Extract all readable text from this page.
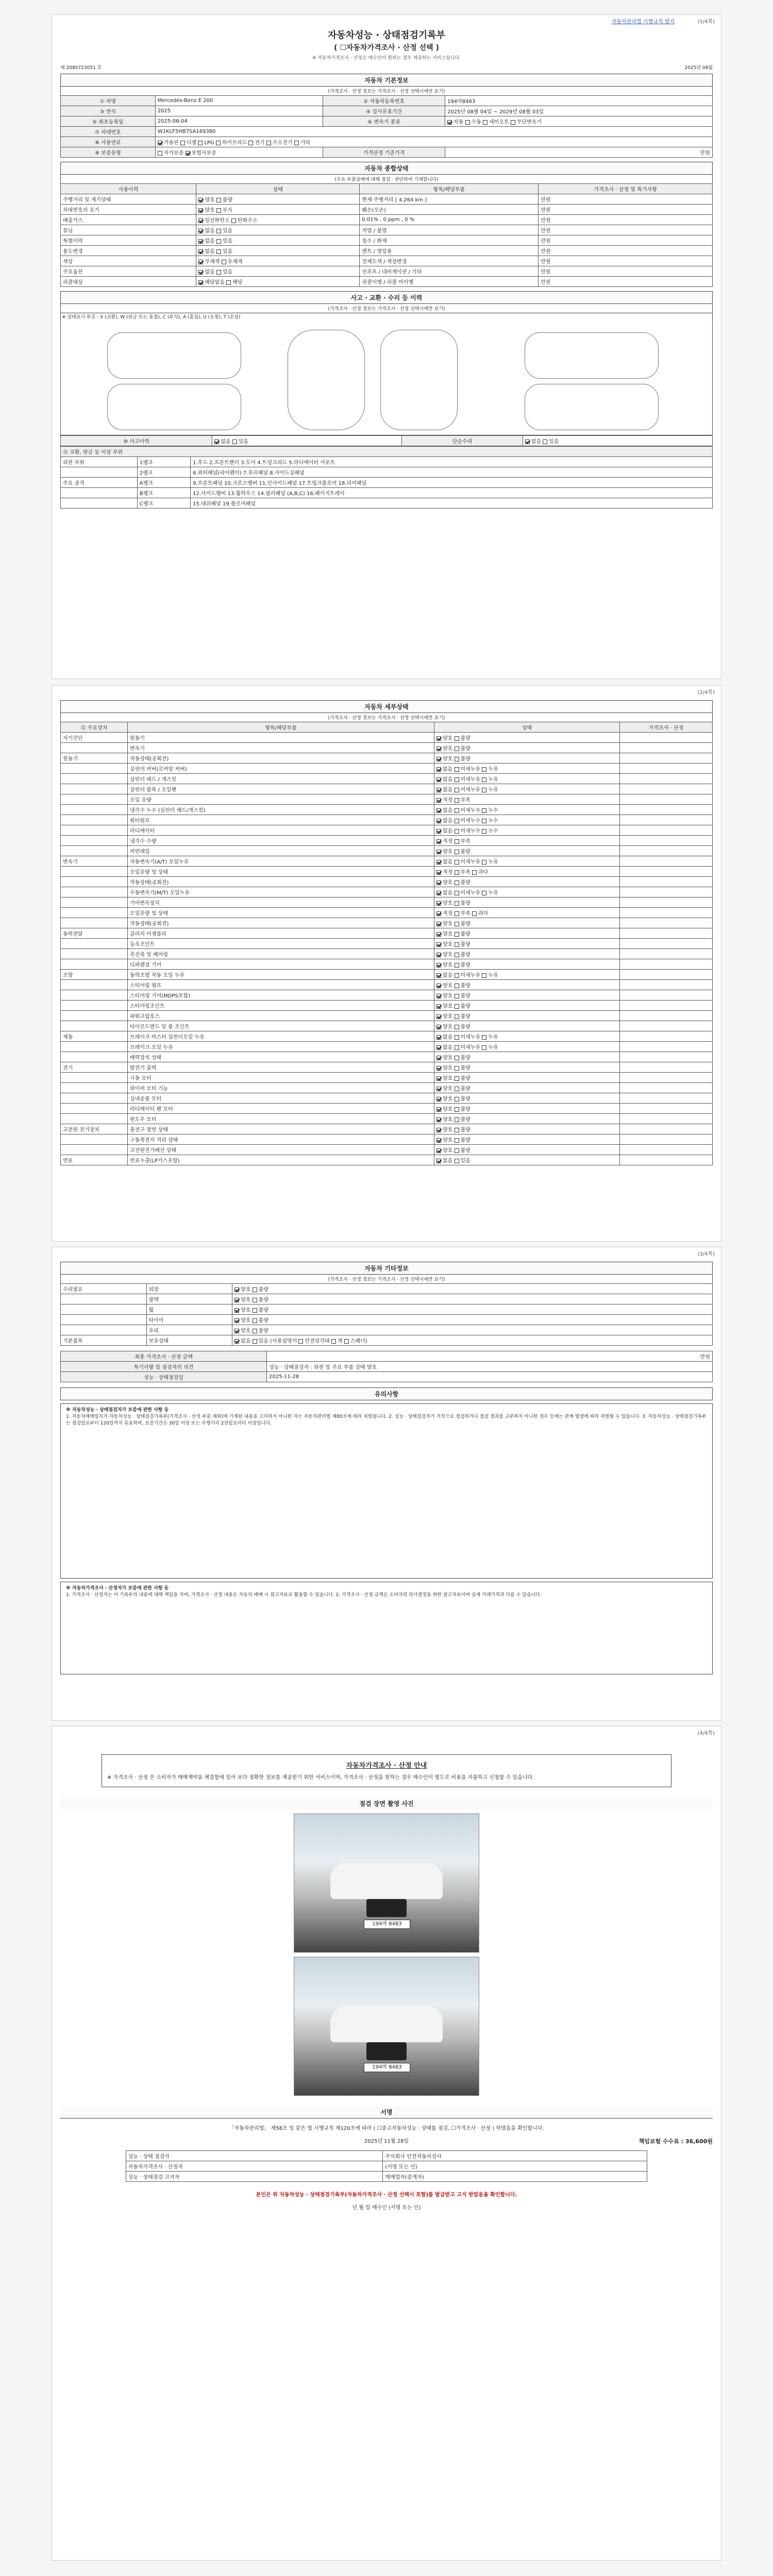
자동차관리법 시행규칙 별지	(1/4쪽)
자동차성능 · 상태점검기록부
( ☐자동차가격조사 · 산정 선택 )
※ 자동차가격조사 · 산정은 매수인이 원하는 경우 제공하는 서비스입니다.
제 2080723051 호	2025년 08월
자동차 기본정보
(가격조사 · 산정 정보는 가격조사 · 산정 선택시에만 표기)
① 차명	Mercedes-Benz E 200	② 자동차등록번호	194마8483
③ 연식	2025	④ 검사유효기간	2025년 08월 04일 ~ 2029년 08월 03일
⑤ 최초등록일	2025-06-04	⑥ 변속기 종류	자동 수동 세미오토 무단변속기
⑦ 차대번호	W1KLF5HB7SA169380		
⑧ 사용연료	가솔린 디젤 LPG 하이브리드 전기 수소전기 기타		
⑨ 보증유형	자가보증 보험사보증	가격산정 기준가격	만원
자동차 종합상태
(주요 부품상태에 대해 점검 · 판단하여 기재합니다)
사용이력	상태	항목/해당부품	가격조사 · 산정 및 특기사항
주행거리 및 계기상태	양호 불량	현재 주행거리 [ 4,264 km ]	만원
차대번호의 표기	양호 부식	훼손(오손)	만원
배출가스	일산화탄소 탄화수소	0.01% , 0 ppm , 0 %	만원
튜닝	없음 있음	적법 / 불법	만원
특별이력	없음 있음	침수 / 화재	만원
용도변경	없음 있음	렌트 / 영업용	만원
색상	무채색 유채색	전체도색 / 색상변경	만원
주요옵션	없음 있음	선루프 / 네비게이션 / 기타	만원
리콜대상	해당없음 해당	리콜이행 / 리콜 미이행	만원
사고 · 교환 · 수리 등 이력
(가격조사 · 산정 정보는 가격조사 · 산정 선택시에만 표기)
※ 상태표시 부호 : X (교환), W (판금 또는 용접), C (부식), A (흠집), U (요철), T (손상)
⑩ 사고이력	없음 있음	단순수리	없음 있음
⑪ 교환, 판금 등 이상 부위		
외판 부위	1랭크	1.후드 2.프론트펜더 3.도어 4.트렁크리드 5.라디에이터 서포트
	2랭크	6.쿼터패널(리어펜더) 7.루프패널 8.사이드실패널
주요 골격	A랭크	9.프론트패널 10.크로스멤버 11.인사이드패널 17.트렁크플로어 18.리어패널
	B랭크	12.사이드멤버 13.휠하우스 14.필러패널 (A,B,C) 16.패키지트레이
	C랭크	15.대쉬패널 19.플로어패널
(2/4쪽)
자동차 세부상태
(가격조사 · 산정 정보는 가격조사 · 산정 선택시에만 표기)
⑫ 주요장치	항목/해당부품	상태	가격조사 · 산정
자기진단	원동기	양호 불량	
	변속기	양호 불량	
원동기	작동상태(공회전)	양호 불량	
	실린더 커버(로커암 커버)	없음 미세누유 누유	
	실린더 헤드 / 개스킷	없음 미세누유 누유	
	실린더 블록 / 오일팬	없음 미세누유 누유	
	오일 유량	적정 부족	
	냉각수 누수 (실린더 헤드/개스킷)	없음 미세누수 누수	
	워터펌프	없음 미세누수 누수	
	라디에이터	없음 미세누수 누수	
	냉각수 수량	적정 부족	
	커먼레일	양호 불량	
변속기	자동변속기(A/T) 오일누유	없음 미세누유 누유	
	오일유량 및 상태	적정 부족 과다	
	작동상태(공회전)	양호 불량	
	수동변속기(M/T) 오일누유	없음 미세누유 누유	
	기어변속장치	양호 불량	
	오일유량 및 상태	적정 부족 과다	
	작동상태(공회전)	양호 불량	
동력전달	클러치 어셈블리	양호 불량	
	등속조인트	양호 불량	
	추진축 및 베어링	양호 불량	
	디퍼렌셜 기어	양호 불량	
조향	동력조향 작동 오일 누유	없음 미세누유 누유	
	스티어링 펌프	양호 불량	
	스티어링 기어(MDPS포함)	양호 불량	
	스티어링조인트	양호 불량	
	파워고압호스	양호 불량	
	타이로드엔드 및 볼 조인트	양호 불량	
제동	브레이크 마스터 실린더오일 누유	없음 미세누유 누유	
	브레이크 오일 누유	없음 미세누유 누유	
	배력장치 상태	양호 불량	
전기	발전기 출력	양호 불량	
	시동 모터	양호 불량	
	와이퍼 모터 기능	양호 불량	
	실내송풍 모터	양호 불량	
	라디에이터 팬 모터	양호 불량	
	윈도우 모터	양호 불량	
고전원 전기장치	충전구 절연 상태	양호 불량	
	구동축전지 격리 상태	양호 불량	
	고전원전기배선 상태	양호 불량	
연료	연료누출(LP가스포함)	없음 있음	
(3/4쪽)
자동차 기타정보
(가격조사 · 산정 정보는 가격조사 · 산정 선택시에만 표기)
수리필요	외장	양호 불량
	광택	양호 불량
	휠	양호 불량
	타이어	양호 불량
	유리	양호 불량
기본품목	보유상태	없음 있음 (사용설명서 안전삼각대 잭 스패너)
최종 가격조사 · 산정 금액	만원
특기사항 및 점검자의 의견	성능 · 상태점검자 : 외관 및 주요 부품 상태 양호
성능 · 상태점검일	2025-11-28
유의사항
※ 자동차성능 · 상태점검자가 보증에 관한 사항 등
1. 자동차매매업자가 자동차성능 · 상태점검기록부(가격조사 · 산정 부분 제외)에 기재된 내용을 고지하지 아니한 자는 자동차관리법 제80조에 따라 처벌됩니다. 2. 성능 · 상태점검자가 거짓으로 점검하거나 점검 결과를 교부하지 아니한 경우 등에는 관계 법령에 따라 처벌될 수 있습니다. 3. 자동차성능 · 상태점검기록부는 점검일로부터 120일까지 유효하며, 보증기간은 30일 이상 또는 주행거리 2천킬로미터 이상입니다.
※ 자동차가격조사 · 산정자가 보증에 관한 사항 등
1. 가격조사 · 산정자는 이 기록부의 내용에 대해 책임을 지며, 가격조사 · 산정 내용은 자동차 매매 시 참고자료로 활용할 수 있습니다. 2. 가격조사 · 산정 금액은 소비자의 의사결정을 위한 참고자료이며 실제 거래가격과 다를 수 있습니다.
(4/4쪽)
자동차가격조사 · 산정 안내
※ 가격조사 · 산정 은 소비자가 매매계약을 체결함에 있어 보다 정확한 정보를 제공받기 위한 서비스이며, 가격조사 · 산정을 원하는 경우 매수인이 별도로 비용을 지불하고 신청할 수 있습니다.
점검 장면 촬영 사진
194마 8483
194마 8483
서명
「자동차관리법」 제58조 및 같은 법 시행규칙 제120조에 따라 ( ☐중고자동차성능 · 상태를 점검, ☐가격조사 · 산정 ) 하였음을 확인합니다.
2025년 11월 28일	책임보험 수수료 : 36,600원
성능 · 상태 점검자	주식회사 안전자동차검사
자동차가격조사 · 산정자	(서명 또는 인)
성능 · 상태점검 고지자	매매업자(중개자)
본인은 위 자동차성능 · 상태점검기록부(자동차가격조사 · 산정 선택시 포함)를 발급받고 고지 받았음을 확인합니다.
년 월 일 매수인 (서명 또는 인)
